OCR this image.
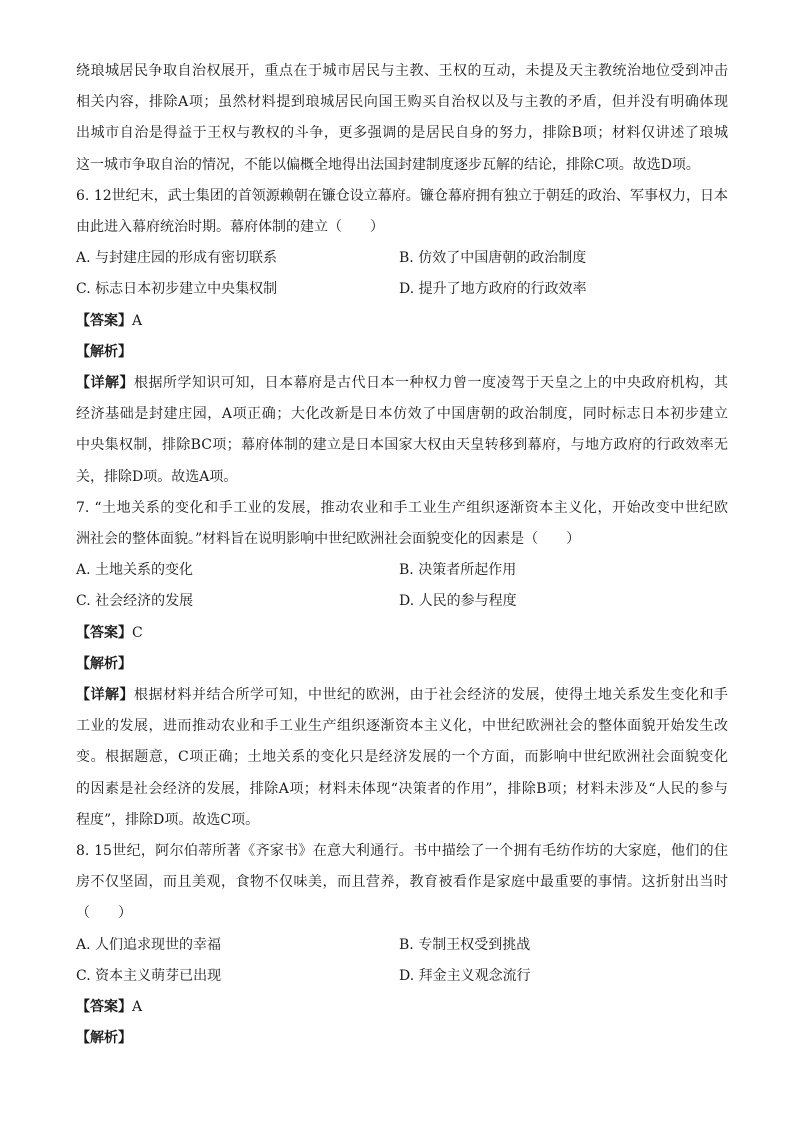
绕琅城居民争取自治权展开，重点在于城市居民与主教、王权的互动，未提及天主教统治地位受到冲击

相关内容，排除A项；虽然材料提到琅城居民向国王购买自治权以及与主教的矛盾，但并没有明确体现

出城市自治是得益于王权与教权的斗争，更多强调的是居民自身的努力，排除B项；材料仅讲述了琅城

这一城市争取自治的情况，不能以偏概全地得出法国封建制度逐步瓦解的结论，排除C项。故选D项。

6. 12世纪末，武士集团的首领源赖朝在镰仓设立幕府。镰仓幕府拥有独立于朝廷的政治、军事权力，日本

由此进入幕府统治时期。幕府体制的建立（　　）

A. 与封建庄园的形成有密切联系	B. 仿效了中国唐朝的政治制度
C. 标志日本初步建立中央集权制	D. 提升了地方政府的行政效率

【答案】A

【解析】

【详解】根据所学知识可知，日本幕府是古代日本一种权力曾一度凌驾于天皇之上的中央政府机构，其

经济基础是封建庄园，A项正确；大化改新是日本仿效了中国唐朝的政治制度，同时标志日本初步建立

中央集权制，排除BC项；幕府体制的建立是日本国家大权由天皇转移到幕府，与地方政府的行政效率无

关，排除D项。故选A项。

7. “土地关系的变化和手工业的发展，推动农业和手工业生产组织逐渐资本主义化，开始改变中世纪欧

洲社会的整体面貌。”材料旨在说明影响中世纪欧洲社会面貌变化的因素是（　　）

A. 土地关系的变化	B. 决策者所起作用
C. 社会经济的发展	D. 人民的参与程度

【答案】C

【解析】

【详解】根据材料并结合所学可知，中世纪的欧洲，由于社会经济的发展，使得土地关系发生变化和手

工业的发展，进而推动农业和手工业生产组织逐渐资本主义化，中世纪欧洲社会的整体面貌开始发生改

变。根据题意，C项正确；土地关系的变化只是经济发展的一个方面，而影响中世纪欧洲社会面貌变化

的因素是社会经济的发展，排除A项；材料未体现“决策者的作用”，排除B项；材料未涉及“人民的参与

程度”，排除D项。故选C项。

8. 15世纪，阿尔伯蒂所著《齐家书》在意大利通行。书中描绘了一个拥有毛纺作坊的大家庭，他们的住

房不仅坚固，而且美观，食物不仅味美，而且营养，教育被看作是家庭中最重要的事情。这折射出当时

（　　）

A. 人们追求现世的幸福	B. 专制王权受到挑战
C. 资本主义萌芽已出现	D. 拜金主义观念流行

【答案】A

【解析】
